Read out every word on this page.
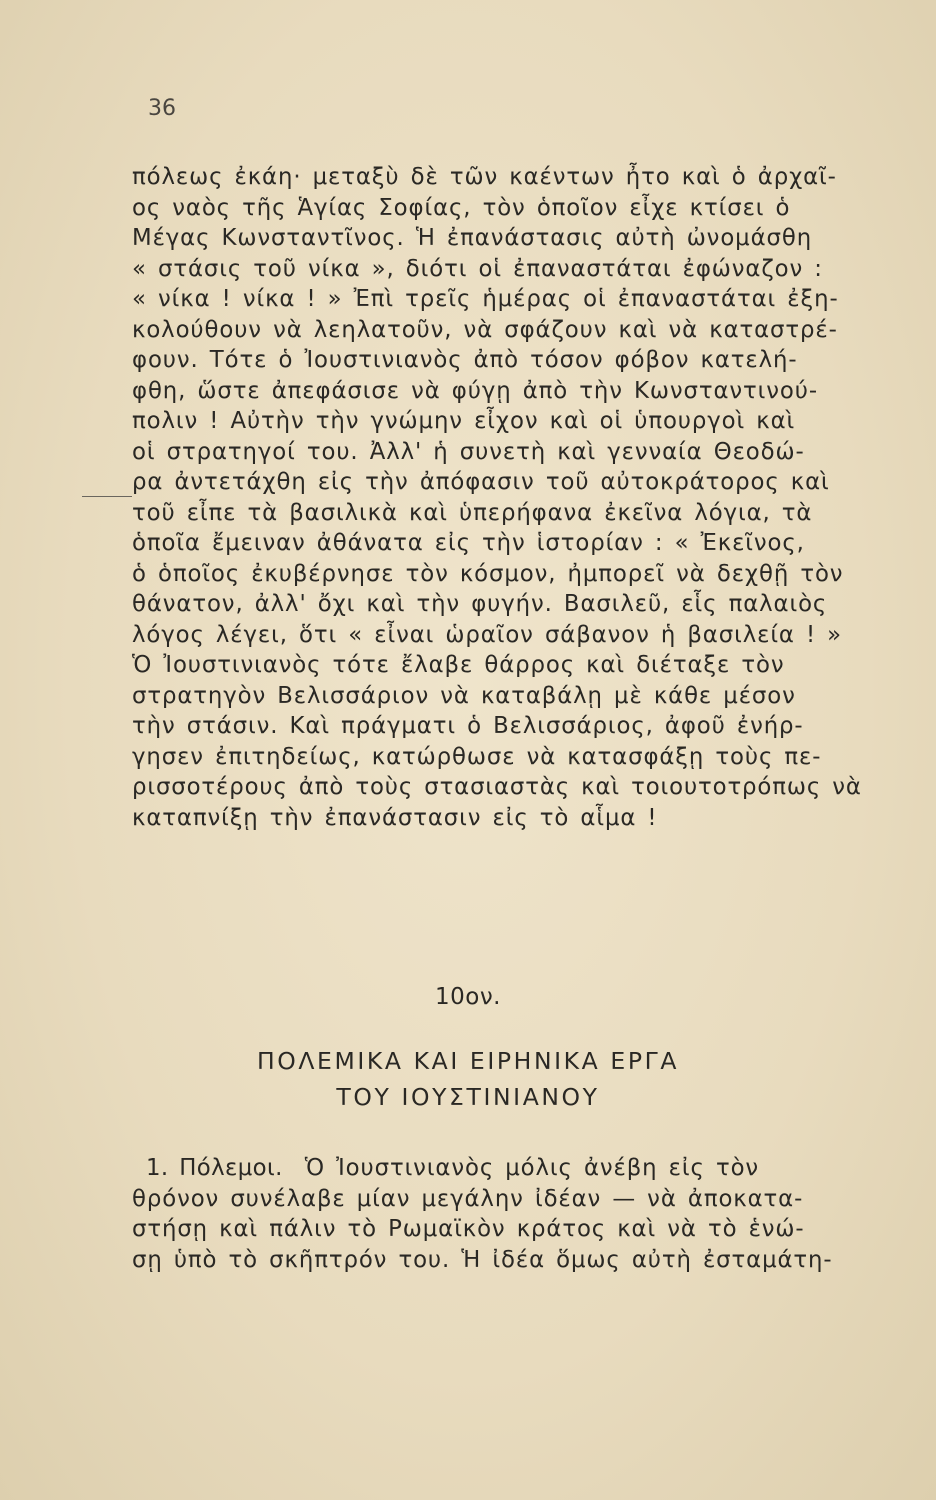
36
πόλεως ἐκάη· μεταξὺ δὲ τῶν καέντων ἦτο καὶ ὁ ἀρχαῖ-
ος ναὸς τῆς Ἁγίας Σοφίας, τὸν ὁποῖον εἶχε κτίσει ὁ
Μέγας Κωνσταντῖνος. Ἡ ἐπανάστασις αὐτὴ ὠνομάσθη
« στάσις τοῦ νίκα », διότι οἱ ἐπαναστάται ἐφώναζον :
« νίκα ! νίκα ! » Ἐπὶ τρεῖς ἡμέρας οἱ ἐπαναστάται ἐξη-
κολούθουν νὰ λεηλατοῦν, νὰ σφάζουν καὶ νὰ καταστρέ-
φουν. Τότε ὁ Ἰουστινιανὸς ἀπὸ τόσον φόβον κατελή-
φθη, ὥστε ἀπεφάσισε νὰ φύγῃ ἀπὸ τὴν Κωνσταντινού-
πολιν ! Αὐτὴν τὴν γνώμην εἶχον καὶ οἱ ὑπουργοὶ καὶ
οἱ στρατηγοί του. Ἀλλ' ἡ συνετὴ καὶ γενναία Θεοδώ-
ρα ἀντετάχθη εἰς τὴν ἀπόφασιν τοῦ αὐτοκράτορος καὶ
τοῦ εἶπε τὰ βασιλικὰ καὶ ὑπερήφανα ἐκεῖνα λόγια, τὰ
ὁποῖα ἔμειναν ἀθάνατα εἰς τὴν ἱστορίαν : « Ἐκεῖνος,
ὁ ὁποῖος ἐκυβέρνησε τὸν κόσμον, ἠμπορεῖ νὰ δεχθῇ τὸν
θάνατον, ἀλλ' ὄχι καὶ τὴν φυγήν. Βασιλεῦ, εἷς παλαιὸς
λόγος λέγει, ὅτι « εἶναι ὡραῖον σάβανον ἡ βασιλεία ! »
Ὁ Ἰουστινιανὸς τότε ἔλαβε θάρρος καὶ διέταξε τὸν
στρατηγὸν Βελισσάριον νὰ καταβάλῃ μὲ κάθε μέσον
τὴν στάσιν. Καὶ πράγματι ὁ Βελισσάριος, ἀφοῦ ἐνήρ-
γησεν ἐπιτηδείως, κατώρθωσε νὰ κατασφάξῃ τοὺς πε-
ρισσοτέρους ἀπὸ τοὺς στασιαστὰς καὶ τοιουτοτρόπως νὰ
καταπνίξῃ τὴν ἐπανάστασιν εἰς τὸ αἷμα !
10ον.
ΠΟΛΕΜΙΚΑ ΚΑΙ ΕΙΡΗΝΙΚΑ ΕΡΓΑ
ΤΟΥ ΙΟΥΣΤΙΝΙΑΝΟΥ
1. Πόλεμοι. Ὁ Ἰουστινιανὸς μόλις ἀνέβη εἰς τὸν
θρόνον συνέλαβε μίαν μεγάλην ἰδέαν — νὰ ἀποκατα-
στήσῃ καὶ πάλιν τὸ Ρωμαϊκὸν κράτος καὶ νὰ τὸ ἑνώ-
σῃ ὑπὸ τὸ σκῆπτρόν του. Ἡ ἰδέα ὅμως αὐτὴ ἐσταμάτη-
